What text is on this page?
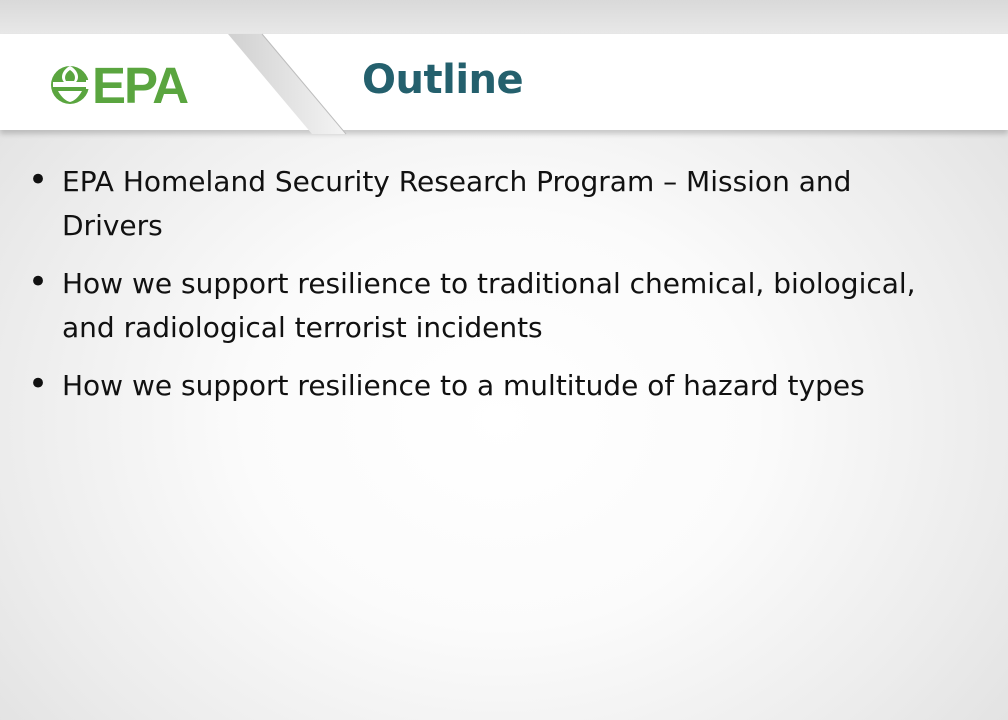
EPA	Outline
• EPA Homeland Security Research Program – Mission and Drivers
• How we support resilience to traditional chemical, biological, and radiological terrorist incidents
• How we support resilience to a multitude of hazard types
